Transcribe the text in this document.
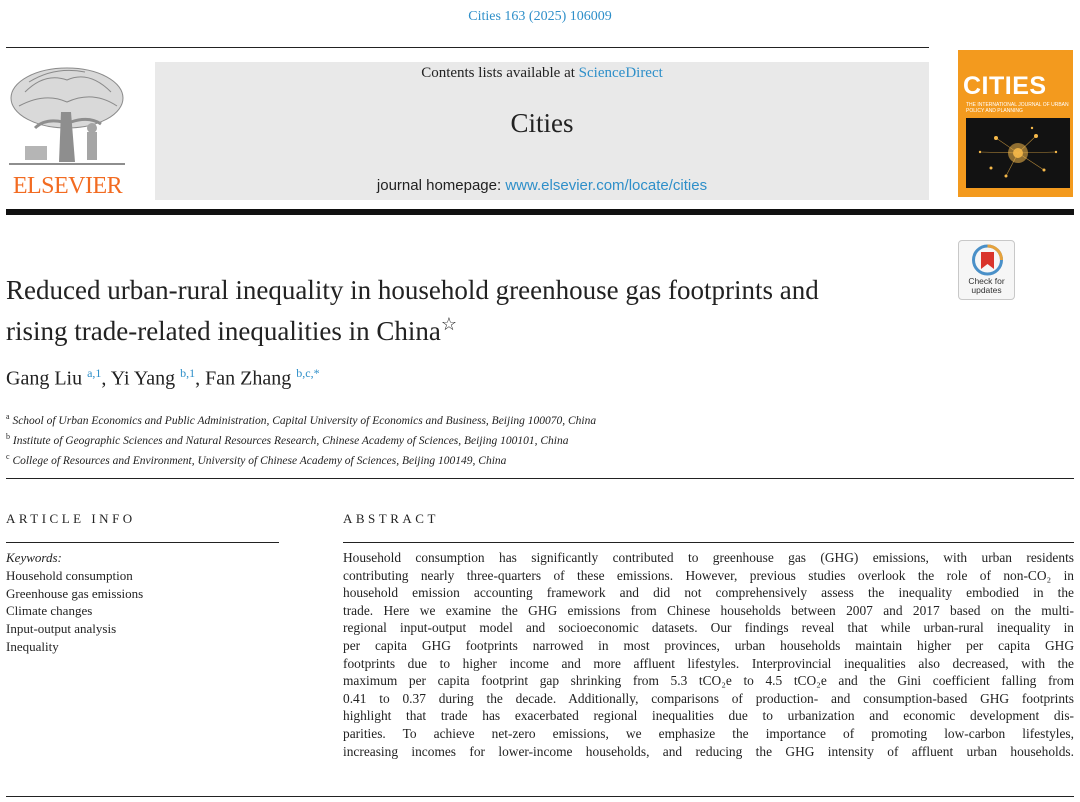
Cities 163 (2025) 106009
ELSEVIER
Contents lists available at ScienceDirect
Cities
journal homepage: www.elsevier.com/locate/cities
CITIES
THE INTERNATIONAL JOURNAL OF URBAN POLICY AND PLANNING
Check for
updates
Reduced urban-rural inequality in household greenhouse gas footprints and
rising trade-related inequalities in China☆
Gang Liu $^{a,1}$, Yi Yang $^{b,1}$, Fan Zhang $^{b,c,*}$
$^a$ School of Urban Economics and Public Administration, Capital University of Economics and Business, Beijing 100070, China
$^b$ Institute of Geographic Sciences and Natural Resources Research, Chinese Academy of Sciences, Beijing 100101, China
$^c$ College of Resources and Environment, University of Chinese Academy of Sciences, Beijing 100149, China
ARTICLE INFO
Keywords:
Household consumption
Greenhouse gas emissions
Climate changes
Input-output analysis
Inequality
ABSTRACT
Household consumption has significantly contributed to greenhouse gas (GHG) emissions, with urban residents
contributing nearly three-quarters of these emissions. However, previous studies overlook the role of non-CO₂ in
household emission accounting framework and did not comprehensively assess the inequality embodied in the
trade. Here we examine the GHG emissions from Chinese households between 2007 and 2017 based on the multi-
regional input-output model and socioeconomic datasets. Our findings reveal that while urban-rural inequality in
per capita GHG footprints narrowed in most provinces, urban households maintain higher per capita GHG
footprints due to higher income and more affluent lifestyles. Interprovincial inequalities also decreased, with the
maximum per capita footprint gap shrinking from 5.3 tCO₂e to 4.5 tCO₂e and the Gini coefficient falling from
0.41 to 0.37 during the decade. Additionally, comparisons of production- and consumption-based GHG footprints
highlight that trade has exacerbated regional inequalities due to urbanization and economic development dis-
parities. To achieve net-zero emissions, we emphasize the importance of promoting low-carbon lifestyles,
increasing incomes for lower-income households, and reducing the GHG intensity of affluent urban households.
